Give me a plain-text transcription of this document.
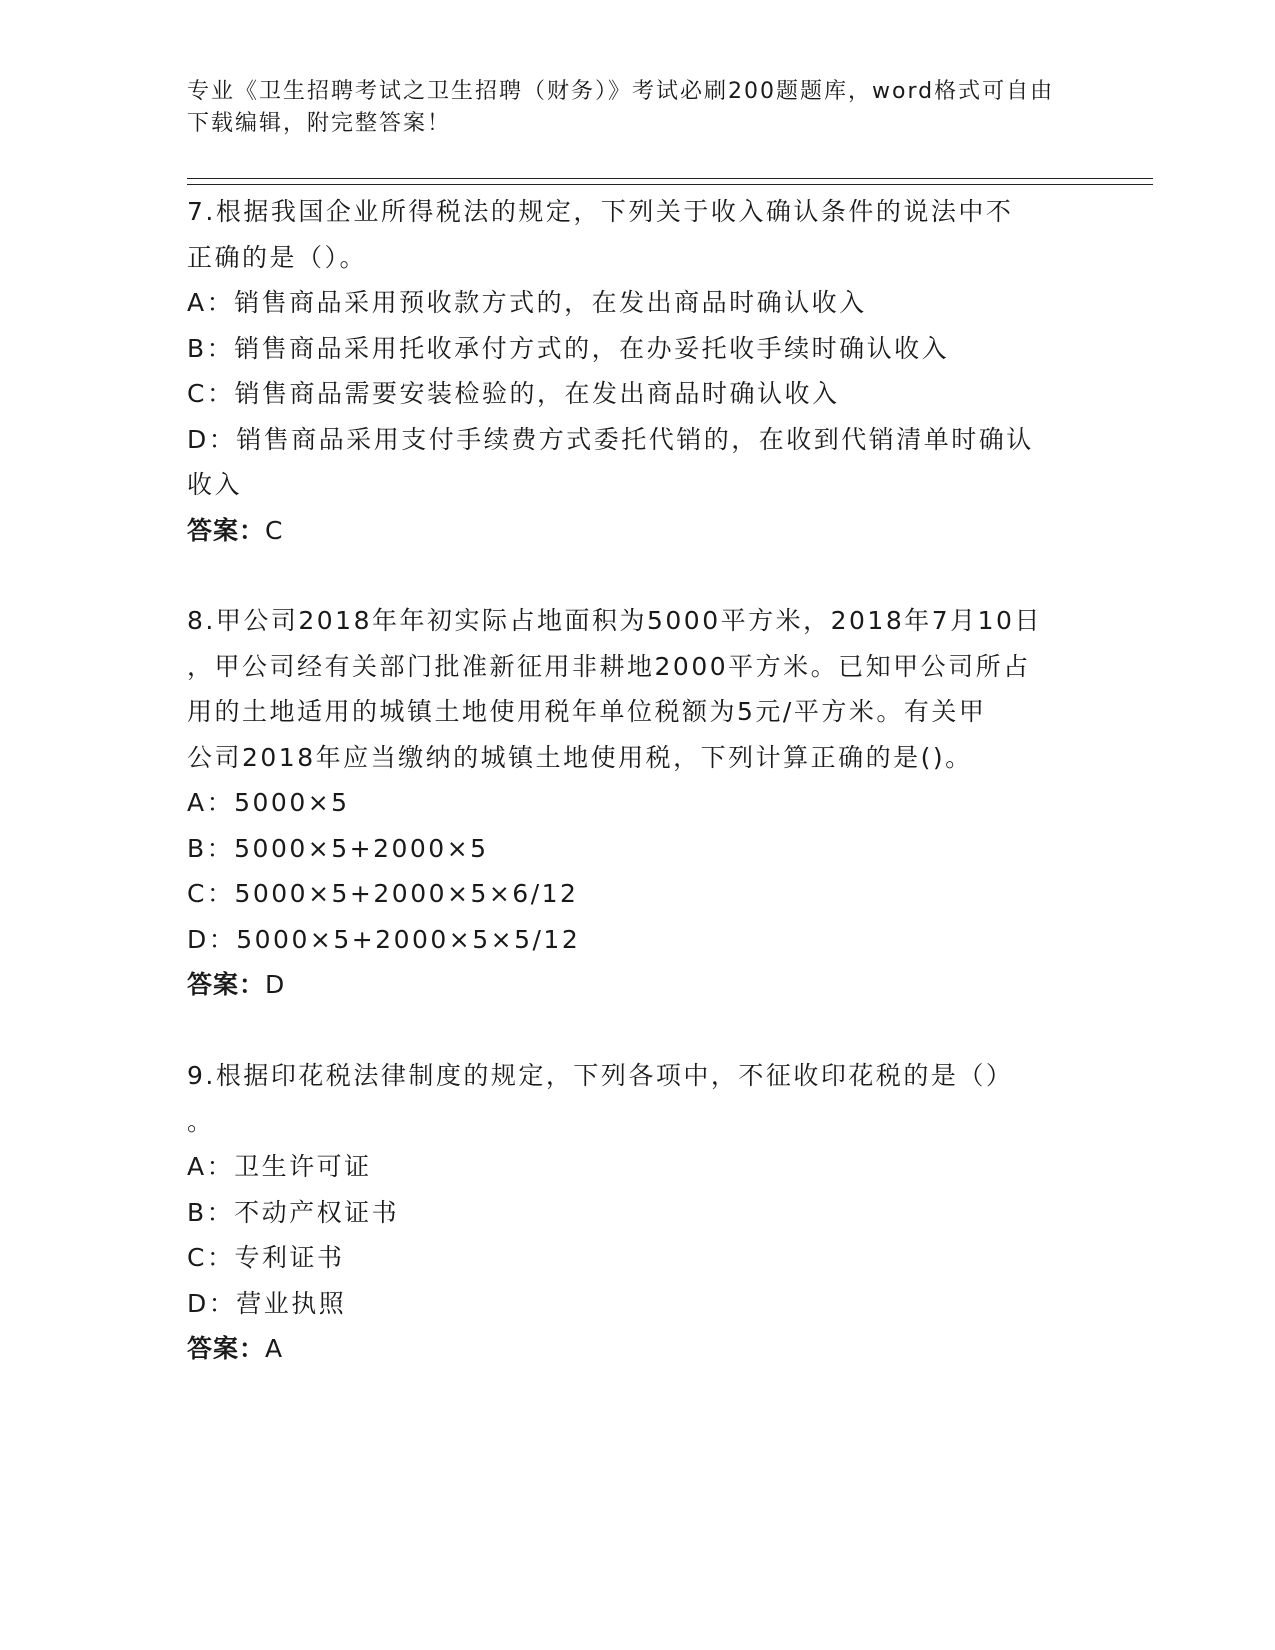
专业《卫生招聘考试之卫生招聘（财务）》考试必刷200题题库，word格式可自由下载编辑，附完整答案！

7.根据我国企业所得税法的规定，下列关于收入确认条件的说法中不

正确的是（）。

A：销售商品采用预收款方式的，在发出商品时确认收入

B：销售商品采用托收承付方式的，在办妥托收手续时确认收入

C：销售商品需要安装检验的，在发出商品时确认收入

D：销售商品采用支付手续费方式委托代销的，在收到代销清单时确认

收入

答案：C

8.甲公司2018年年初实际占地面积为5000平方米，2018年7月10日

，甲公司经有关部门批准新征用非耕地2000平方米。已知甲公司所占

用的土地适用的城镇土地使用税年单位税额为5元/平方米。有关甲

公司2018年应当缴纳的城镇土地使用税，下列计算正确的是()。

A：5000×5

B：5000×5+2000×5

C：5000×5+2000×5×6/12

D：5000×5+2000×5×5/12

答案：D

9.根据印花税法律制度的规定，下列各项中，不征收印花税的是（）

。

A：卫生许可证

B：不动产权证书

C：专利证书

D：营业执照

答案：A
